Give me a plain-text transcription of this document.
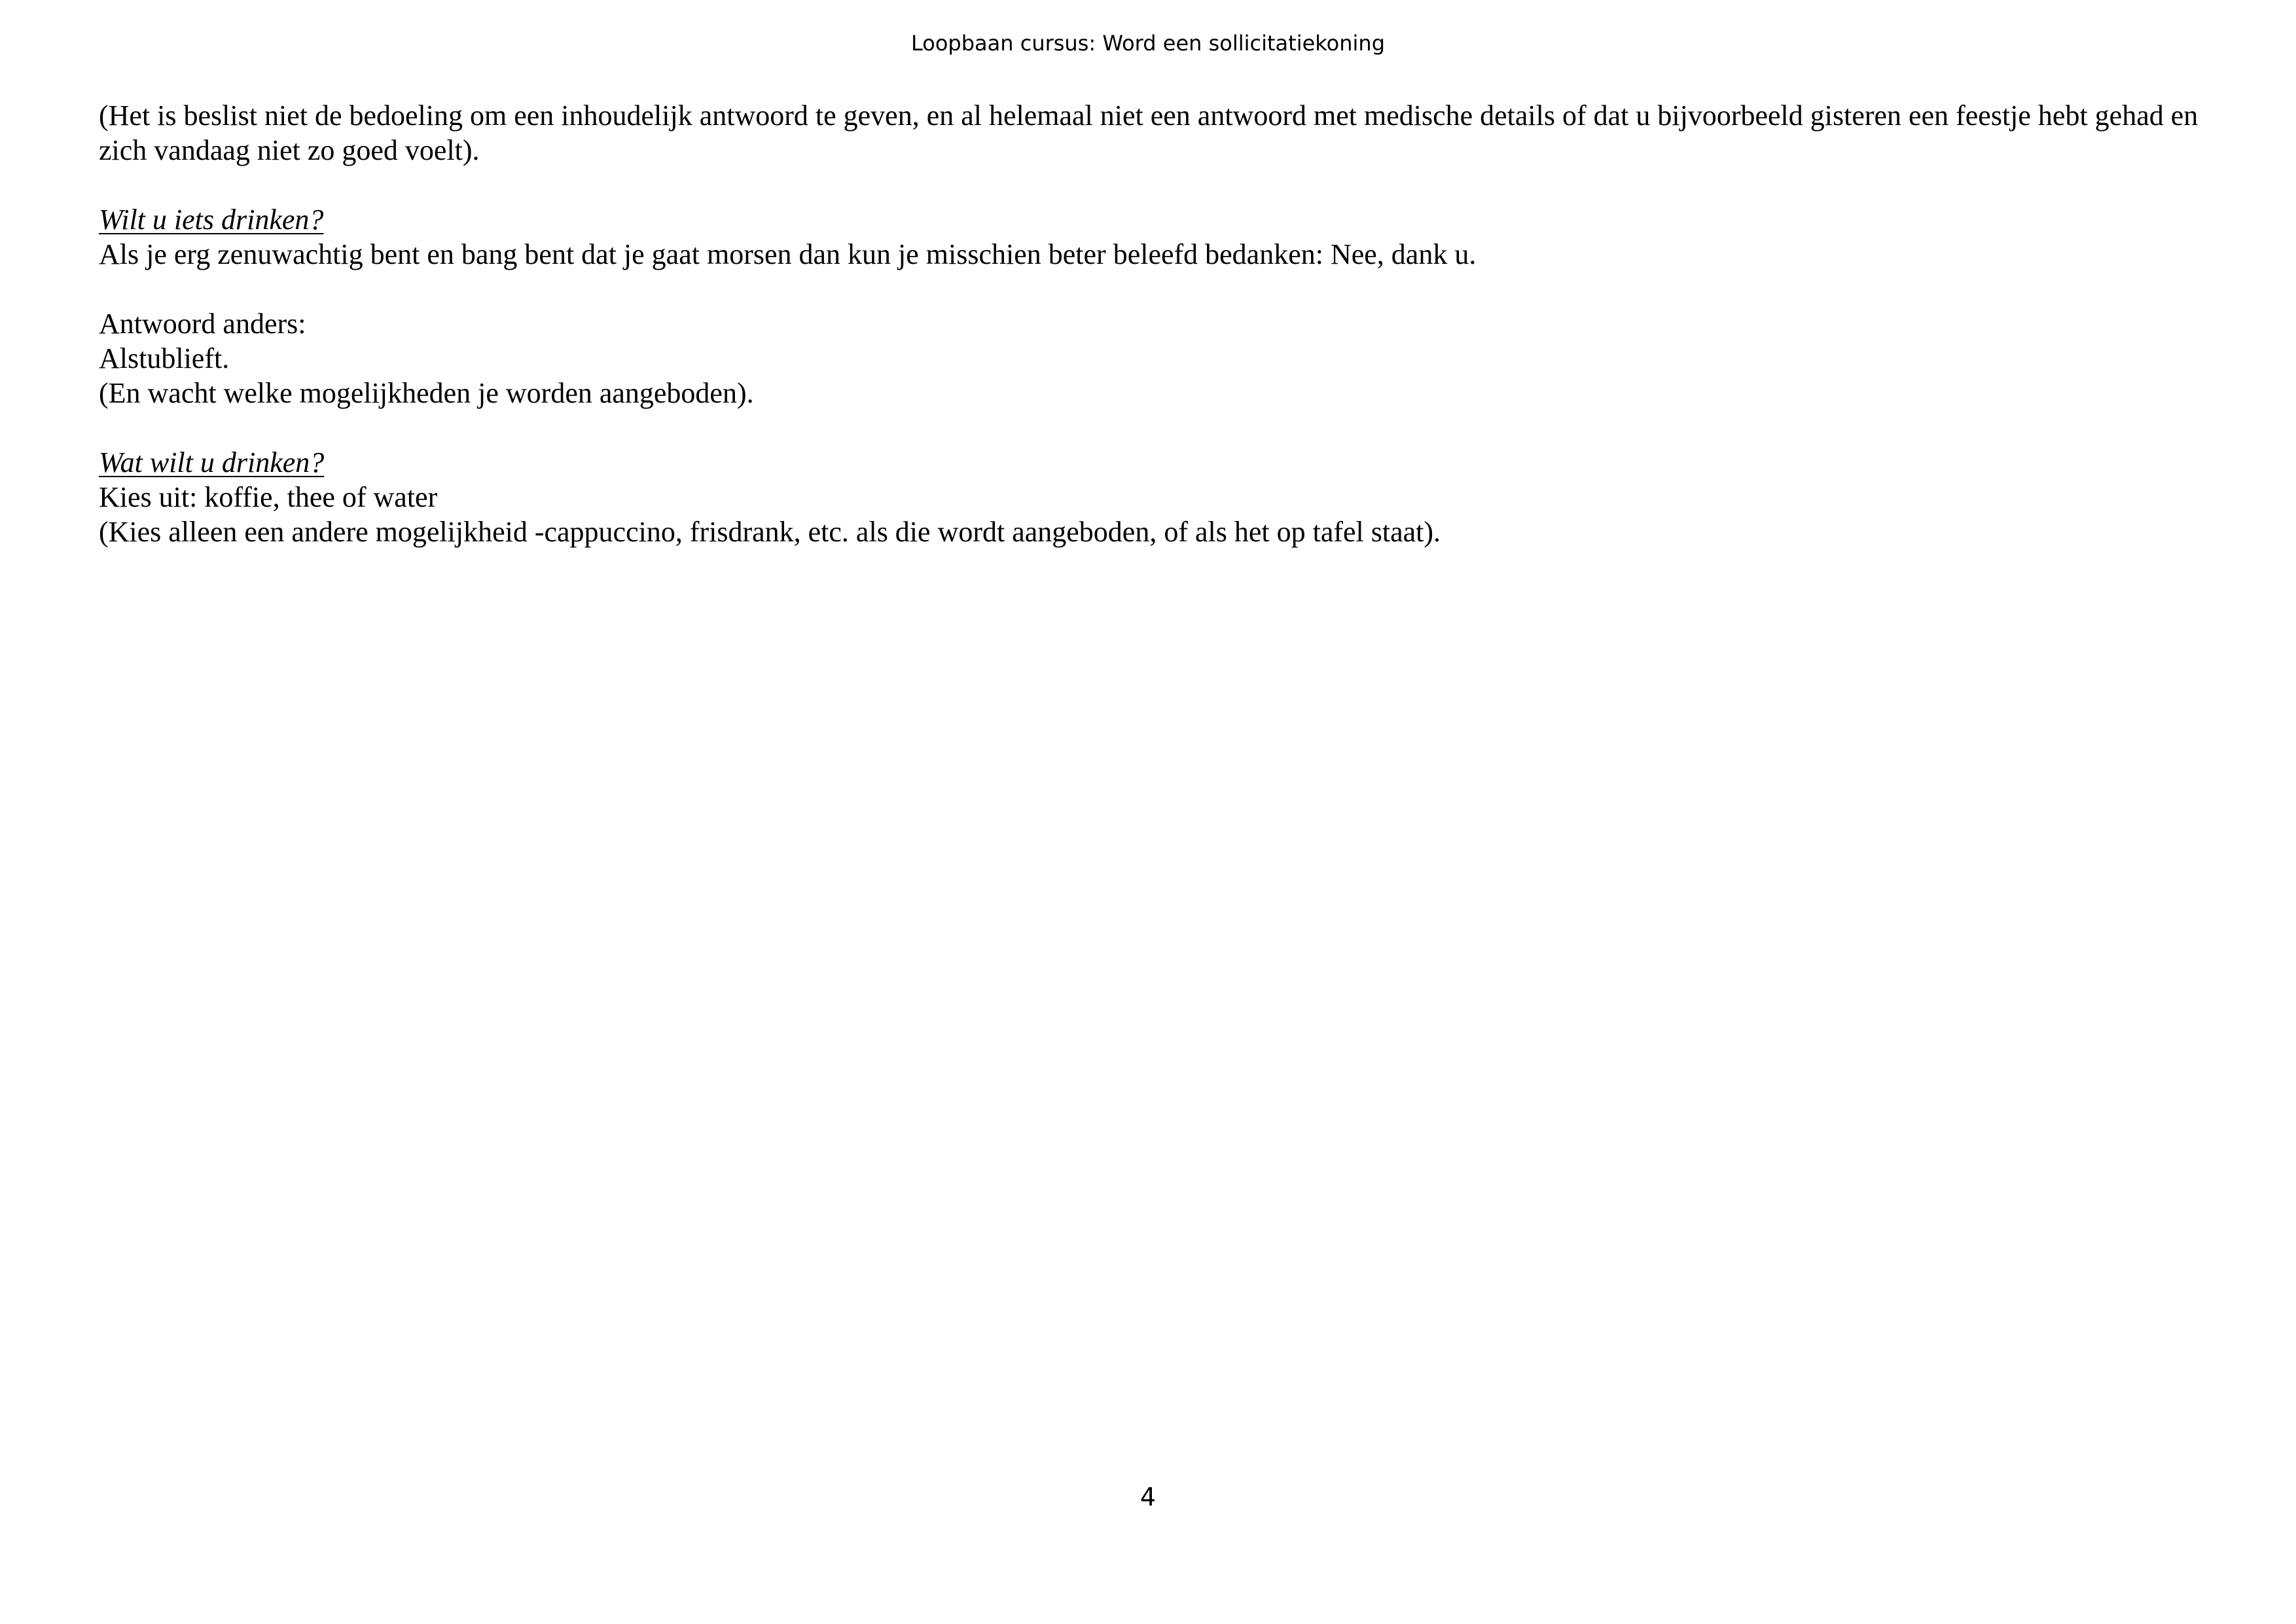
Loopbaan cursus: Word een sollicitatiekoning

(Het is beslist niet de bedoeling om een inhoudelijk antwoord te geven, en al helemaal niet een antwoord met medische details of dat u bijvoorbeeld gisteren een feestje hebt gehad en zich vandaag niet zo goed voelt).

Wilt u iets drinken?
Als je erg zenuwachtig bent en bang bent dat je gaat morsen dan kun je misschien beter beleefd bedanken: Nee, dank u.
Antwoord anders:
Alstublieft.
(En wacht welke mogelijkheden je worden aangeboden).
Wat wilt u drinken?
Kies uit: koffie, thee of water
(Kies alleen een andere mogelijkheid -cappuccino, frisdrank, etc. als die wordt aangeboden, of als het op tafel staat).
4
